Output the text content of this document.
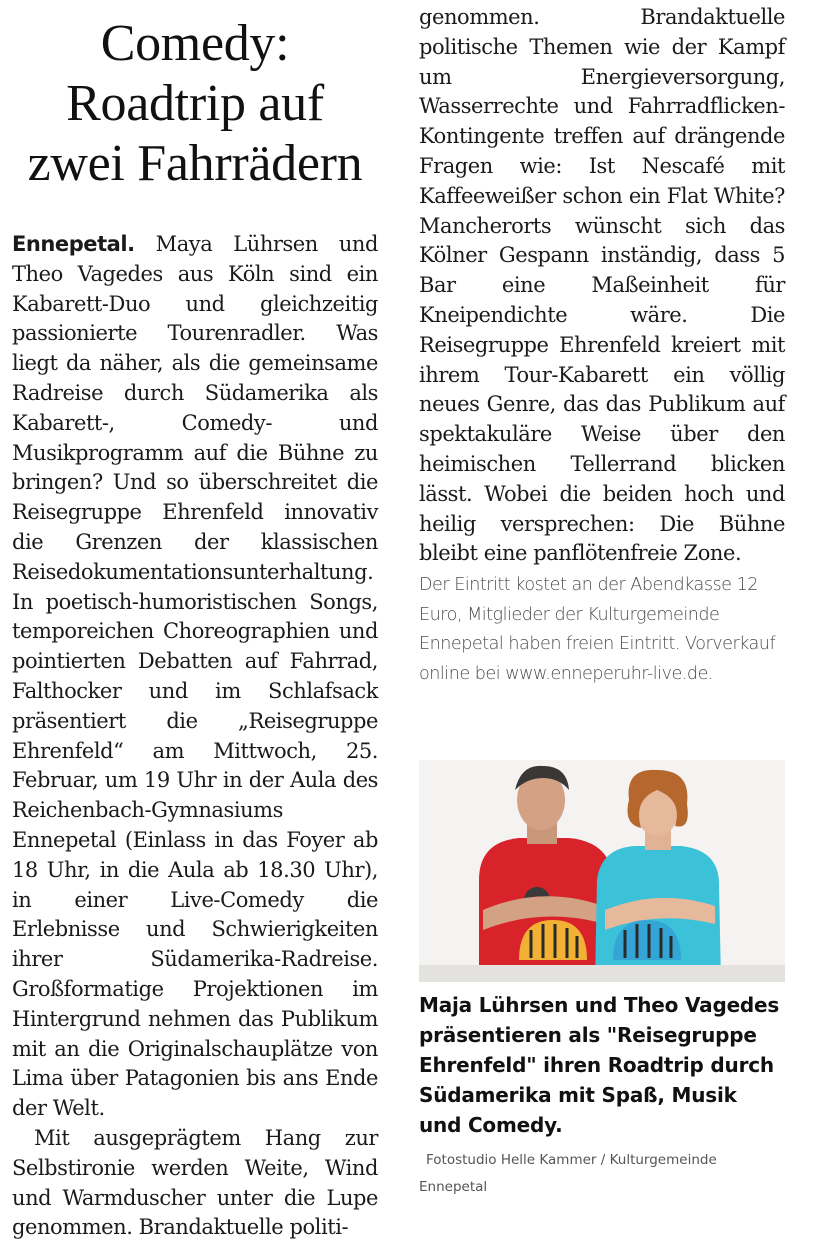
Comedy:
Roadtrip auf
zwei Fahrrädern

Ennepetal. Maya Lührsen und Theo Vagedes aus Köln sind ein Kabarett-Duo und gleichzeitig passionierte Tourenradler. Was liegt da näher, als die gemeinsame Radreise durch Südamerika als Kabarett-, Comedy- und Musikprogramm auf die Bühne zu bringen? Und so überschreitet die Reisegruppe Ehrenfeld innovativ die Grenzen der klassischen Reisedokumentationsunterhaltung. In poetisch-humoristischen Songs, temporeichen Choreographien und pointierten Debatten auf Fahrrad, Falthocker und im Schlafsack präsentiert die „Reisegruppe Ehrenfeld“ am Mittwoch, 25. Februar, um 19 Uhr in der Aula des Reichenbach-Gymnasiums Ennepetal (Einlass in das Foyer ab 18 Uhr, in die Aula ab 18.30 Uhr), in einer Live-Comedy die Erlebnisse und Schwierigkeiten ihrer Südamerika-Radreise. Großformatige Projektionen im Hintergrund nehmen das Publikum mit an die Originalschauplätze von Lima über Patagonien bis ans Ende der Welt.

Mit ausgeprägtem Hang zur Selbstironie werden Weite, Wind und Warmduscher unter die Lupe genommen. Brandaktuelle politi-

genommen. Brandaktuelle politische Themen wie der Kampf um Energieversorgung, Wasserrechte und Fahrradflicken-Kontingente treffen auf drängende Fragen wie: Ist Nescafé mit Kaffeeweißer schon ein Flat White? Mancherorts wünscht sich das Kölner Gespann inständig, dass 5 Bar eine Maßeinheit für Kneipendichte wäre. Die Reisegruppe Ehrenfeld kreiert mit ihrem Tour-Kabarett ein völlig neues Genre, das das Publikum auf spektakuläre Weise über den heimischen Tellerrand blicken lässt. Wobei die beiden hoch und heilig versprechen: Die Bühne bleibt eine panflötenfreie Zone.

Der Eintritt kostet an der Abendkasse 12 Euro, Mitglieder der Kulturgemeinde Ennepetal haben freien Eintritt. Vorverkauf online bei www.enneperuhr-live.de.
Maja Lührsen und Theo Vagedes präsentieren als "Reisegruppe Ehrenfeld" ihren Roadtrip durch Südamerika mit Spaß, Musik und Comedy.
Fotostudio Helle Kammer / Kulturgemeinde
Ennepetal
